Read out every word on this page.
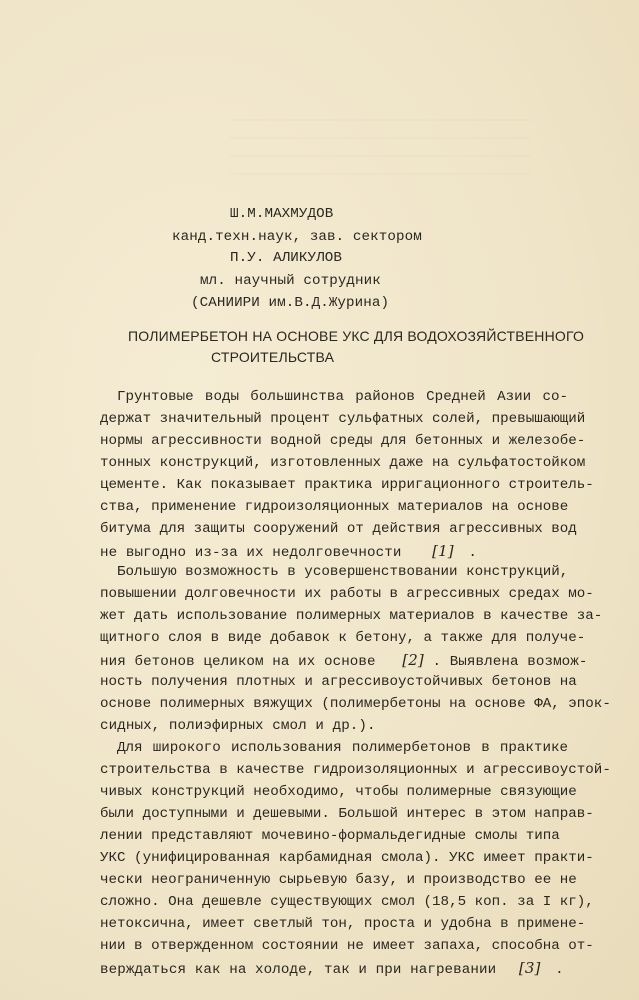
Ш.М.МАХМУДОВ
канд.техн.наук, зав. сектором
П.У. АЛИКУЛОВ
мл. научный сотрудник
(САНИИРИ им.В.Д.Журина)
ПОЛИМЕРБЕТОН НА ОСНОВЕ УКС ДЛЯ ВОДОХОЗЯЙСТВЕННОГО
СТРОИТЕЛЬСТВА
Грунтовые воды большинства районов Средней Азии со-
держат значительный процент сульфатных солей, превышающий
нормы агрессивности водной среды для бетонных и железобе-
тонных конструкций, изготовленных даже на сульфатостойком
цементе. Как показывает практика ирригационного строитель-
ства, применение гидроизоляционных материалов на основе
битума для защиты сооружений от действия агрессивных вод
не выгодно из-за их недолговечности [1] .
Большую возможность в усовершенствовании конструкций,
повышении долговечности их работы в агрессивных средах мо-
жет дать использование полимерных материалов в качестве за-
щитного слоя в виде добавок к бетону, а также для получе-
ния бетонов целиком на их основе [2] . Выявлена возмож-
ность получения плотных и агрессивоустойчивых бетонов на
основе полимерных вяжущих (полимербетоны на основе ФА, эпок-
сидных, полиэфирных смол и др.).
Для широкого использования полимербетонов в практике
строительства в качестве гидроизоляционных и агрессивоустой-
чивых конструкций необходимо, чтобы полимерные связующие
были доступными и дешевыми. Большой интерес в этом направ-
лении представляют мочевино-формальдегидные смолы типа
УКС (унифицированная карбамидная смола). УКС имеет практи-
чески неограниченную сырьевую базу, и производство ее не
сложно. Она дешевле существующих смол (18,5 коп. за I кг),
нетоксична, имеет светлый тон, проста и удобна в примене-
нии в отвержденном состоянии не имеет запаха, способна от-
верждаться как на холоде, так и при нагревании [3] .
